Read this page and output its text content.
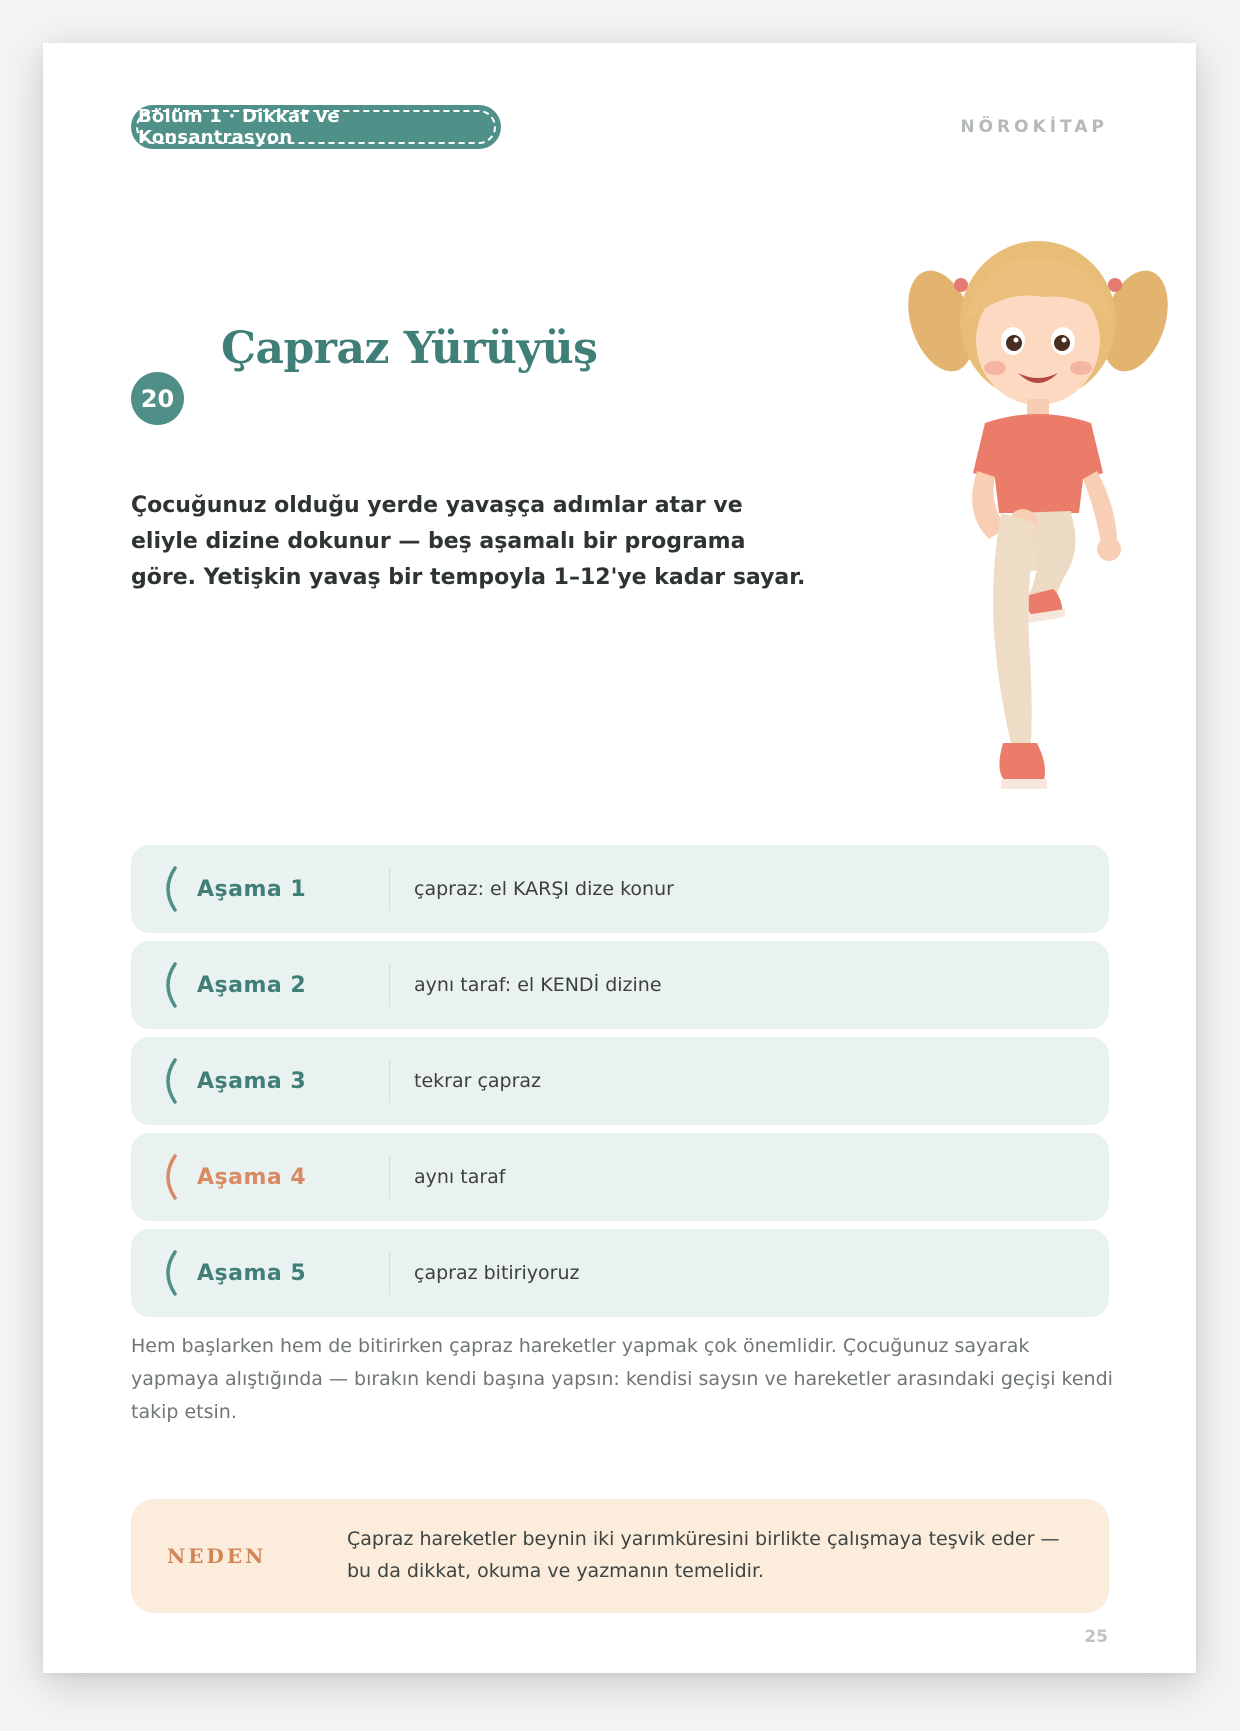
Bölüm 1 · Dikkat ve Konsantrasyon	NÖROKİTAP
20
Çapraz Yürüyüş
Çocuğunuz olduğu yerde yavaşça adımlar atar ve eliyle dizine dokunur — beş aşamalı bir programa göre. Yetişkin yavaş bir tempoyla 1–12'ye kadar sayar.
Aşama 1	çapraz: el KARŞI dize konur
Aşama 2	aynı taraf: el KENDİ dizine
Aşama 3	tekrar çapraz
Aşama 4	aynı taraf
Aşama 5	çapraz bitiriyoruz
Hem başlarken hem de bitirirken çapraz hareketler yapmak çok önemlidir. Çocuğunuz sayarak yapmaya alıştığında — bırakın kendi başına yapsın: kendisi saysın ve hareketler arasındaki geçişi kendi takip etsin.
NEDEN
Çapraz hareketler beynin iki yarımküresini birlikte çalışmaya teşvik eder — bu da dikkat, okuma ve yazmanın temelidir.
25
